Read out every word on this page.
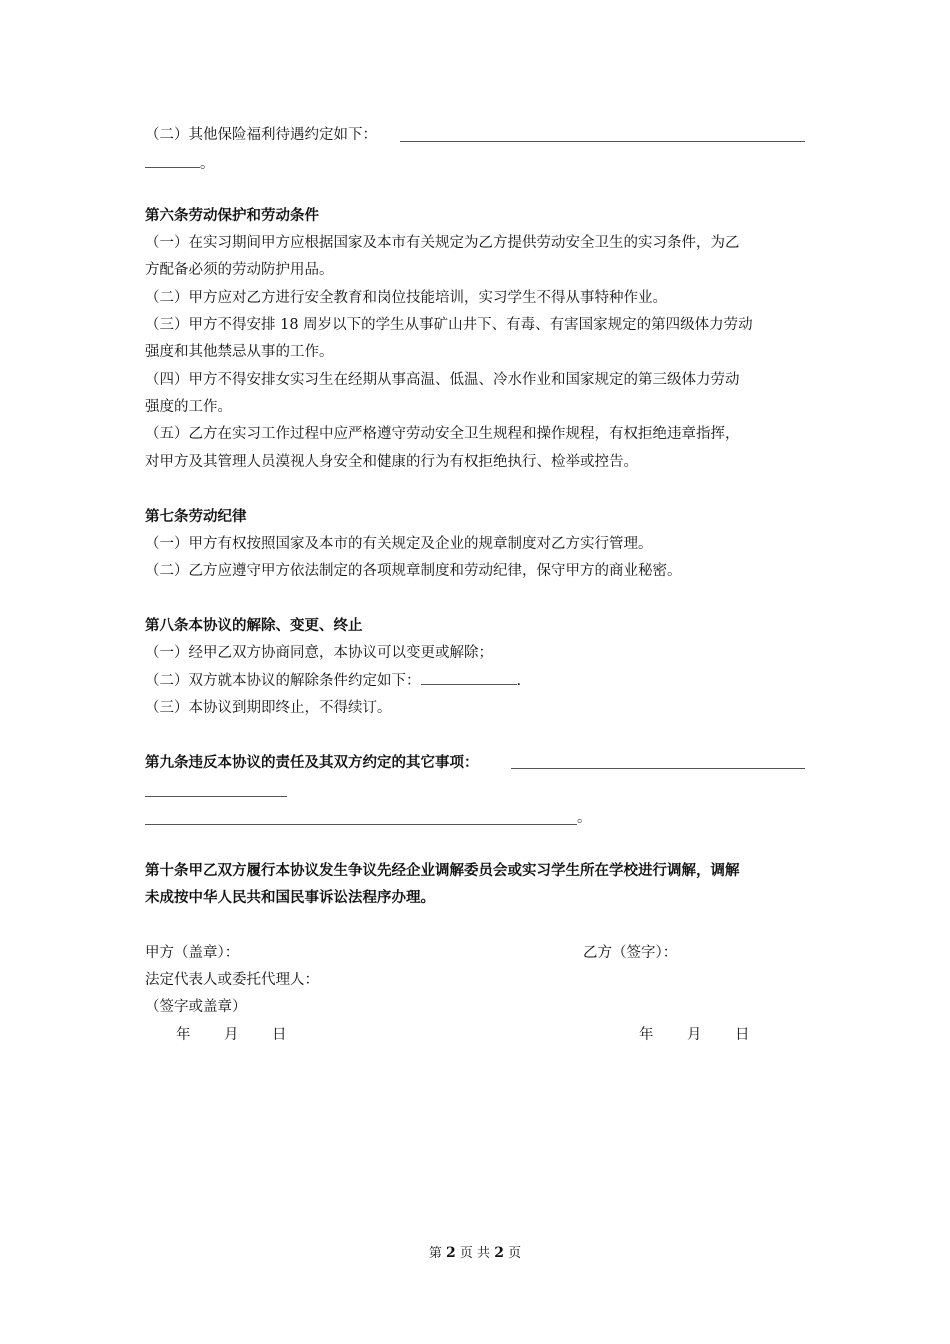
（二）其他保险福利待遇约定如下：
。
第六条劳动保护和劳动条件
（一）在实习期间甲方应根据国家及本市有关规定为乙方提供劳动安全卫生的实习条件，为乙
方配备必须的劳动防护用品。
（二）甲方应对乙方进行安全教育和岗位技能培训，实习学生不得从事特种作业。
（三）甲方不得安排 18 周岁以下的学生从事矿山井下、有毒、有害国家规定的第四级体力劳动
强度和其他禁忌从事的工作。
（四）甲方不得安排女实习生在经期从事高温、低温、冷水作业和国家规定的第三级体力劳动
强度的工作。
（五）乙方在实习工作过程中应严格遵守劳动安全卫生规程和操作规程，有权拒绝违章指挥，
对甲方及其管理人员漠视人身安全和健康的行为有权拒绝执行、检举或控告。
第七条劳动纪律
（一）甲方有权按照国家及本市的有关规定及企业的规章制度对乙方实行管理。
（二）乙方应遵守甲方依法制定的各项规章制度和劳动纪律，保守甲方的商业秘密。
第八条本协议的解除、变更、终止
（一）经甲乙双方协商同意，本协议可以变更或解除；
（二）双方就本协议的解除条件约定如下：	.
（三）本协议到期即终止，不得续订。
第九条违反本协议的责任及其双方约定的其它事项：
。
第十条甲乙双方履行本协议发生争议先经企业调解委员会或实习学生所在学校进行调解，调解
未成按中华人民共和国民事诉讼法程序办理。
甲方（盖章）：	乙方（签字）：
法定代表人或委托代理人：
（签字或盖章）
年 月 日	年 月 日
第 2 页 共 2 页
